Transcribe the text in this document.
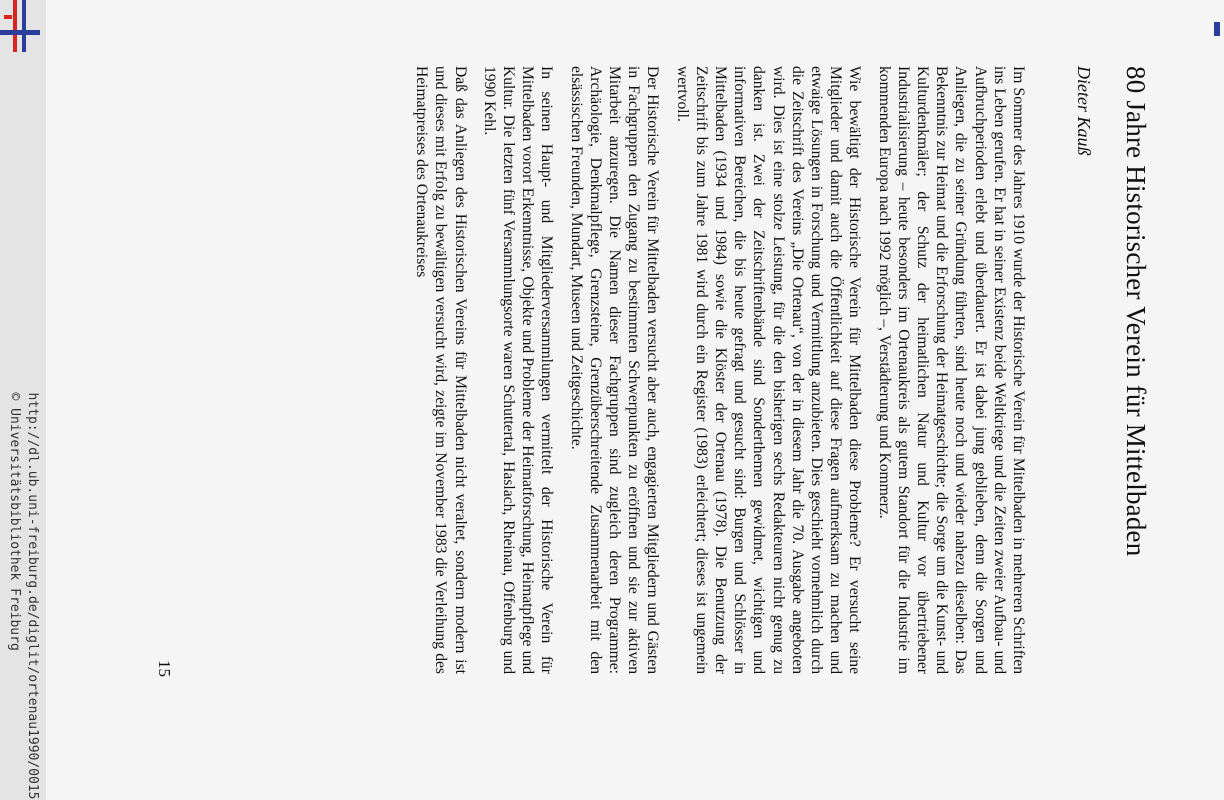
http://dl.ub.uni-freiburg.de/diglit/ortenau1990/0015
© Universitätsbibliothek Freiburg	80 Jahre Historischer Verein für Mittelbaden
Dieter Kauß

Im Sommer des Jahres 1910 wurde der Historische Verein für Mittelbaden in mehreren Schriften ins Leben gerufen. Er hat in seiner Existenz beide Weltkriege und die Zeiten zweier Aufbau- und Aufbruchperioden erlebt und überdauert. Er ist dabei jung geblieben, denn die Sorgen und Anliegen, die zu seiner Gründung führten, sind heute noch und wieder nahezu dieselben: Das Bekenntnis zur Heimat und die Erforschung der Heimatgeschichte; die Sorge um die Kunst- und Kulturdenkmäler; der Schutz der heimatlichen Natur und Kultur vor übertriebener Industrialisierung – heute besonders im Ortenaukreis als gutem Standort für die Industrie im kommenden Europa nach 1992 möglich –, Verstädterung und Kommerz.

Wie bewältigt der Historische Verein für Mittelbaden diese Probleme? Er versucht seine Mitglieder und damit auch die Öffentlichkeit auf diese Fragen aufmerksam zu machen und etwaige Lösungen in Forschung und Vermittlung anzubieten. Dies geschieht vornehmlich durch die Zeitschrift des Vereins „Die Ortenau“, von der in diesem Jahr die 70. Ausgabe angeboten wird. Dies ist eine stolze Leistung, für die den bisherigen sechs Redakteuren nicht genug zu danken ist. Zwei der Zeitschriftenbände sind Sonderthemen gewidmet, wichtigen und informativen Bereichen, die bis heute gefragt und gesucht sind: Burgen und Schlösser in Mittelbaden (1934 und 1984) sowie die Klöster der Ortenau (1978). Die Benutzung der Zeitschrift bis zum Jahre 1981 wird durch ein Register (1983) erleichtert; dieses ist ungemein wertvoll.

Der Historische Verein für Mittelbaden versucht aber auch, engagierten Mitgliedern und Gästen in Fachgruppen den Zugang zu bestimmten Schwerpunkten zu eröffnen und sie zur aktiven Mitarbeit anzuregen. Die Namen dieser Fachgruppen sind zugleich deren Programme: Archäologie, Denkmalpflege, Grenzsteine, Grenzüberschreitende Zusammenarbeit mit den elsässischen Freunden, Mundart, Museen und Zeitgeschichte.

In seinen Haupt- und Mitgliederversammlungen vermittelt der Historische Verein für Mittelbaden vorort Erkenntnisse, Objekte und Probleme der Heimatforschung, Heimatpflege und Kultur. Die letzten fünf Versammlungsorte waren Schuttertal, Haslach, Rheinau, Offenburg und 1990 Kehl.

Daß das Anliegen des Historischen Vereins für Mittelbaden nicht veraltet, sondern modern ist und dieses mit Erfolg zu bewältigen versucht wird, zeigte im November 1983 die Verleihung des Heimatpreises des Ortenaukreises

15
